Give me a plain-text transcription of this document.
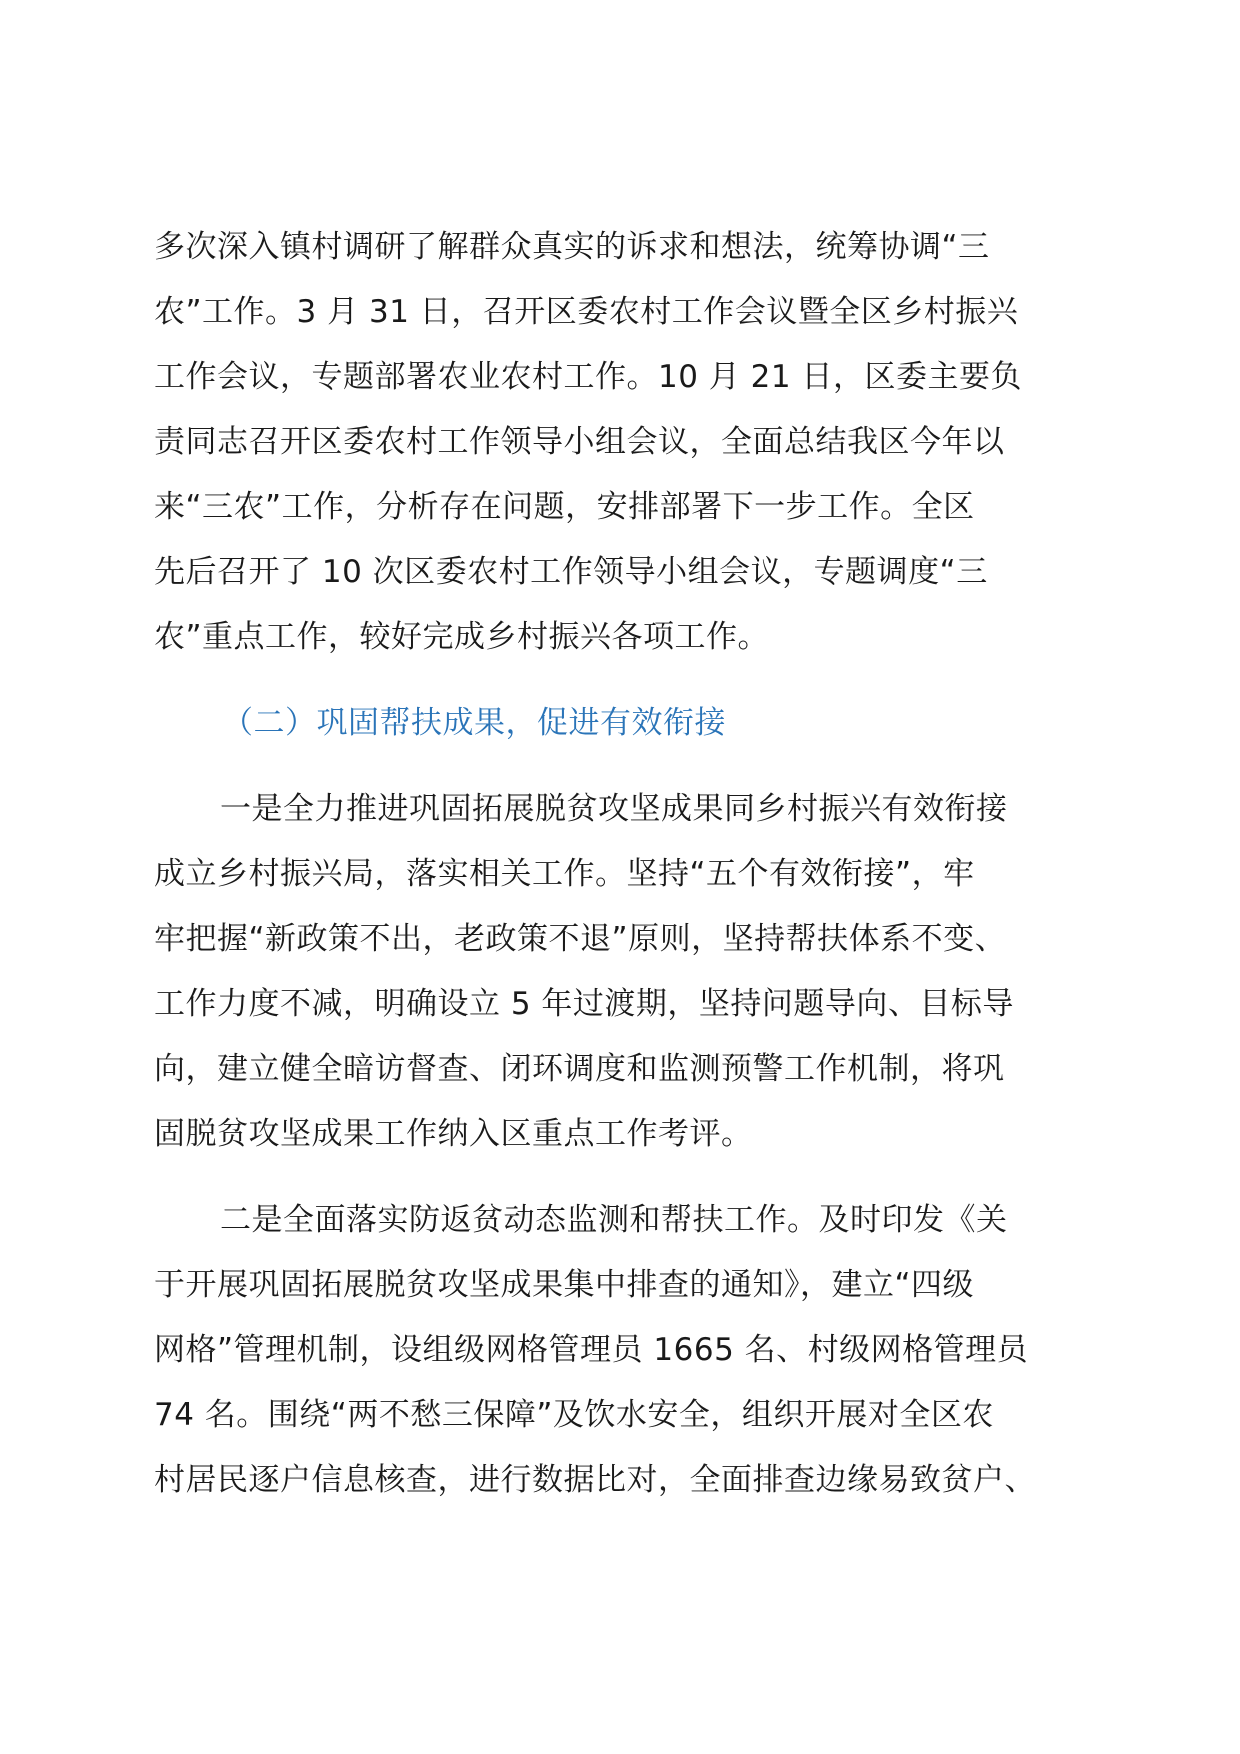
多次深入镇村调研了解群众真实的诉求和想法，统筹协调“三
农”工作。3 月 31 日，召开区委农村工作会议暨全区乡村振兴
工作会议，专题部署农业农村工作。10 月 21 日，区委主要负
责同志召开区委农村工作领导小组会议，全面总结我区今年以
来“三农”工作，分析存在问题，安排部署下一步工作。全区
先后召开了 10 次区委农村工作领导小组会议，专题调度“三
农”重点工作，较好完成乡村振兴各项工作。
（二）巩固帮扶成果，促进有效衔接
一是全力推进巩固拓展脱贫攻坚成果同乡村振兴有效衔接
成立乡村振兴局，落实相关工作。坚持“五个有效衔接”，牢
牢把握“新政策不出，老政策不退”原则，坚持帮扶体系不变、
工作力度不减，明确设立 5 年过渡期，坚持问题导向、目标导
向，建立健全暗访督查、闭环调度和监测预警工作机制，将巩
固脱贫攻坚成果工作纳入区重点工作考评。
二是全面落实防返贫动态监测和帮扶工作。及时印发《关
于开展巩固拓展脱贫攻坚成果集中排查的通知》，建立“四级
网格”管理机制，设组级网格管理员 1665 名、村级网格管理员
74 名。围绕“两不愁三保障”及饮水安全，组织开展对全区农
村居民逐户信息核查，进行数据比对，全面排查边缘易致贫户、
